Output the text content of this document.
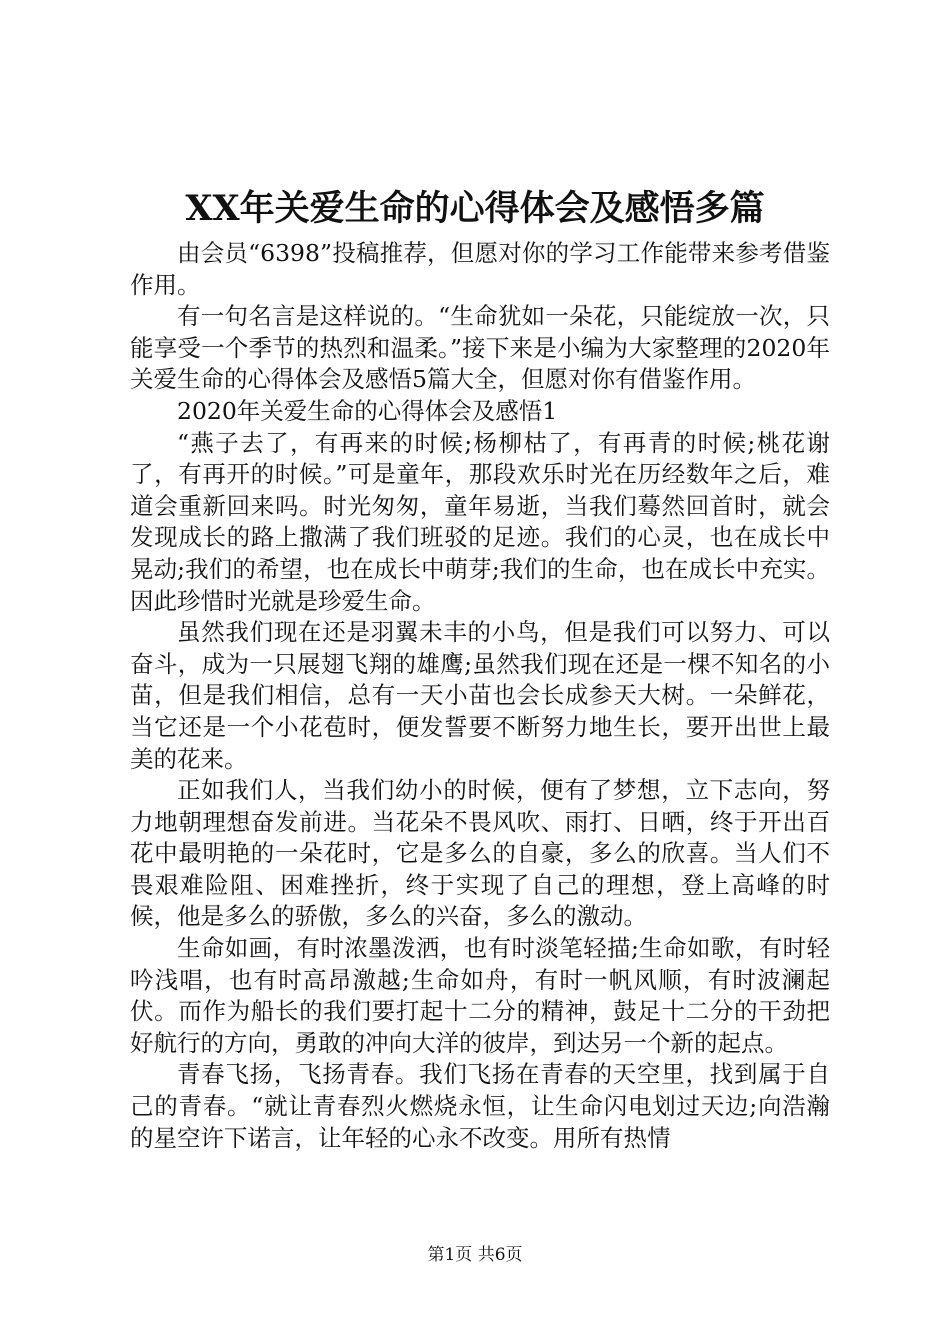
XX年关爱生命的心得体会及感悟多篇

由会员“6398”投稿推荐，但愿对你的学习工作能带来参考借鉴作用。

有一句名言是这样说的。“生命犹如一朵花，只能绽放一次，只能享受一个季节的热烈和温柔。”接下来是小编为大家整理的2020年关爱生命的心得体会及感悟5篇大全，但愿对你有借鉴作用。

2020年关爱生命的心得体会及感悟1

“燕子去了，有再来的时候;杨柳枯了，有再青的时候;桃花谢了，有再开的时候。”可是童年，那段欢乐时光在历经数年之后，难道会重新回来吗。时光匆匆，童年易逝，当我们蓦然回首时，就会发现成长的路上撒满了我们班驳的足迹。我们的心灵，也在成长中晃动;我们的希望，也在成长中萌芽;我们的生命，也在成长中充实。因此珍惜时光就是珍爱生命。

虽然我们现在还是羽翼未丰的小鸟，但是我们可以努力、可以奋斗，成为一只展翅飞翔的雄鹰;虽然我们现在还是一棵不知名的小苗，但是我们相信，总有一天小苗也会长成参天大树。一朵鲜花，当它还是一个小花苞时，便发誓要不断努力地生长，要开出世上最美的花来。

正如我们人，当我们幼小的时候，便有了梦想，立下志向，努力地朝理想奋发前进。当花朵不畏风吹、雨打、日晒，终于开出百花中最明艳的一朵花时，它是多么的自豪，多么的欣喜。当人们不畏艰难险阻、困难挫折，终于实现了自己的理想，登上高峰的时候，他是多么的骄傲，多么的兴奋，多么的激动。

生命如画，有时浓墨泼洒，也有时淡笔轻描;生命如歌，有时轻吟浅唱，也有时高昂激越;生命如舟，有时一帆风顺，有时波澜起伏。而作为船长的我们要打起十二分的精神，鼓足十二分的干劲把好航行的方向，勇敢的冲向大洋的彼岸，到达另一个新的起点。

青春飞扬，飞扬青春。我们飞扬在青春的天空里，找到属于自己的青春。“就让青春烈火燃烧永恒，让生命闪电划过天边;向浩瀚的星空许下诺言，让年轻的心永不改变。用所有热情

第1页 共6页
